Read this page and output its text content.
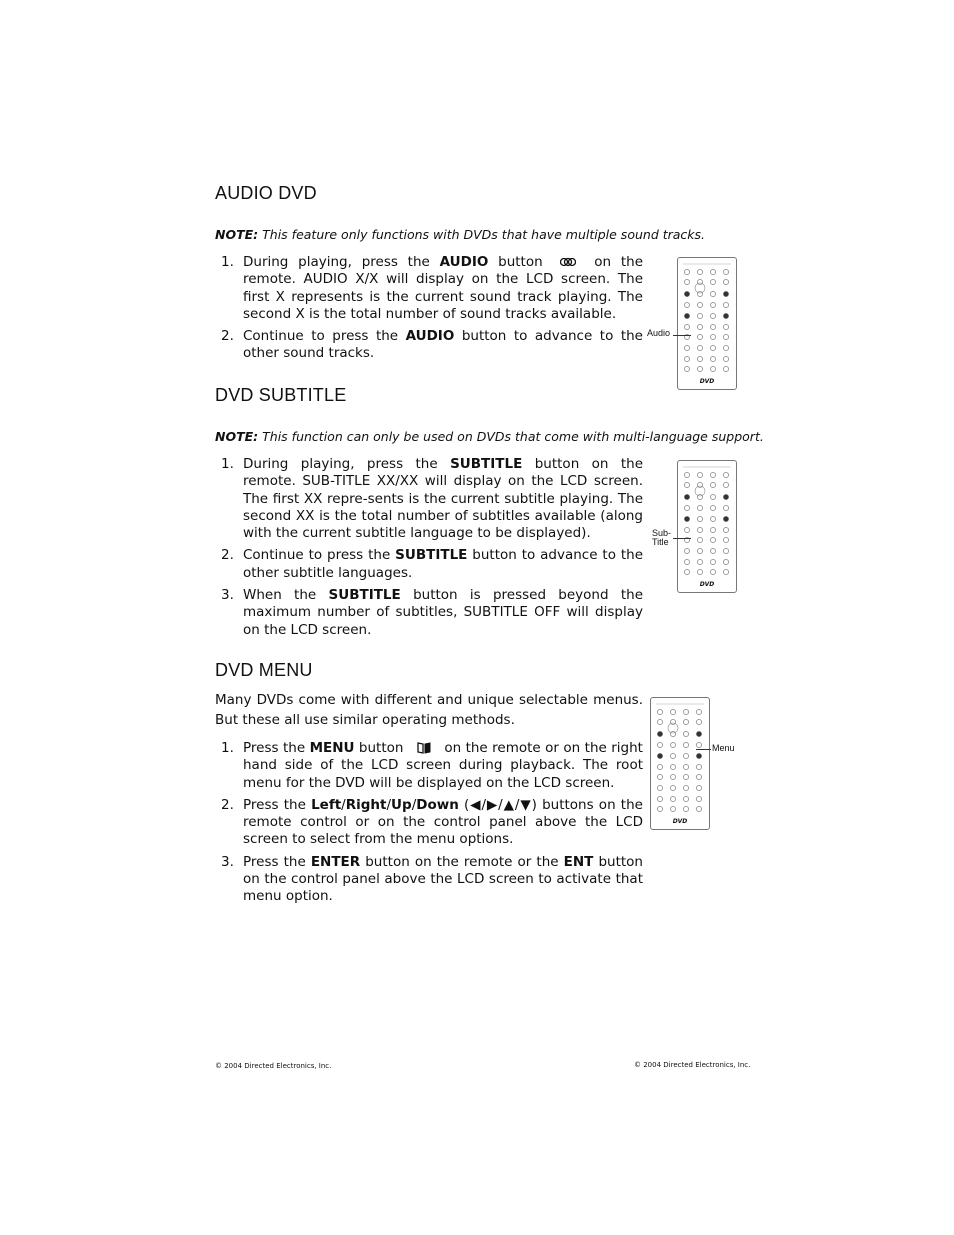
AUDIO DVD
NOTE: This feature only functions with DVDs that have multiple sound tracks.
1. During playing, press the AUDIO button	on the remote. AUDIO X/X will display on the LCD screen. The first X represents is the current sound track playing. The second X is the total number of sound tracks available.
2. Continue to press the AUDIO button to advance to the other sound tracks.
DVD
Audio
DVD SUBTITLE
NOTE: This function can only be used on DVDs that come with multi-language support.
1. During playing, press the SUBTITLE button on the remote. SUB-TITLE XX/XX will display on the LCD screen. The first XX repre-sents is the current subtitle playing. The second XX is the total number of subtitles available (along with the current subtitle language to be displayed).
2. Continue to press the SUBTITLE button to advance to the other subtitle languages.
3. When the SUBTITLE button is pressed beyond the maximum number of subtitles, SUBTITLE OFF will display on the LCD screen.
DVD
Sub-
Title
DVD MENU
Many DVDs come with different and unique selectable menus. But these all use similar operating methods.
1. Press the MENU button	on the remote or on the right hand side of the LCD screen during playback. The root menu for the DVD will be displayed on the LCD screen.
2. Press the Left/Right/Up/Down (◀/▶/▲/▼) buttons on the remote control or on the control panel above the LCD screen to select from the menu options.
3. Press the ENTER button on the remote or the ENT button on the control panel above the LCD screen to activate that menu option.
DVD
Menu
© 2004 Directed Electronics, Inc.	© 2004 Directed Electronics, Inc.
